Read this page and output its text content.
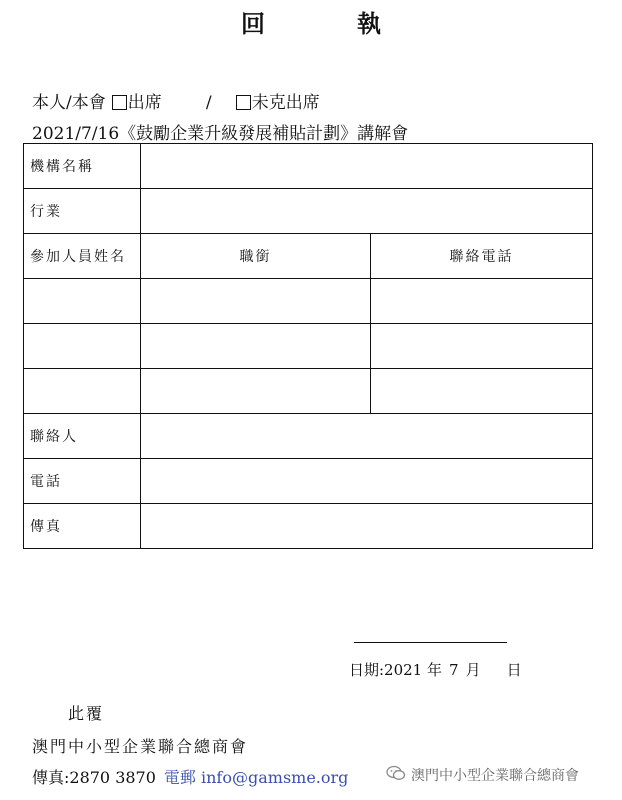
回　執
本人/本會 出席	/ 未克出席
2021/7/16《鼓勵企業升級發展補貼計劃》講解會
機構名稱		
行業		
參加人員姓名	職銜	聯絡電話

聯絡人		
電話		
傳真		
日期:2021 年 7 月 日
此覆
澳門中小型企業聯合總商會
傳真:2870 3870 電郵 info@gamsme.org	澳門中小型企業聯合總商會
